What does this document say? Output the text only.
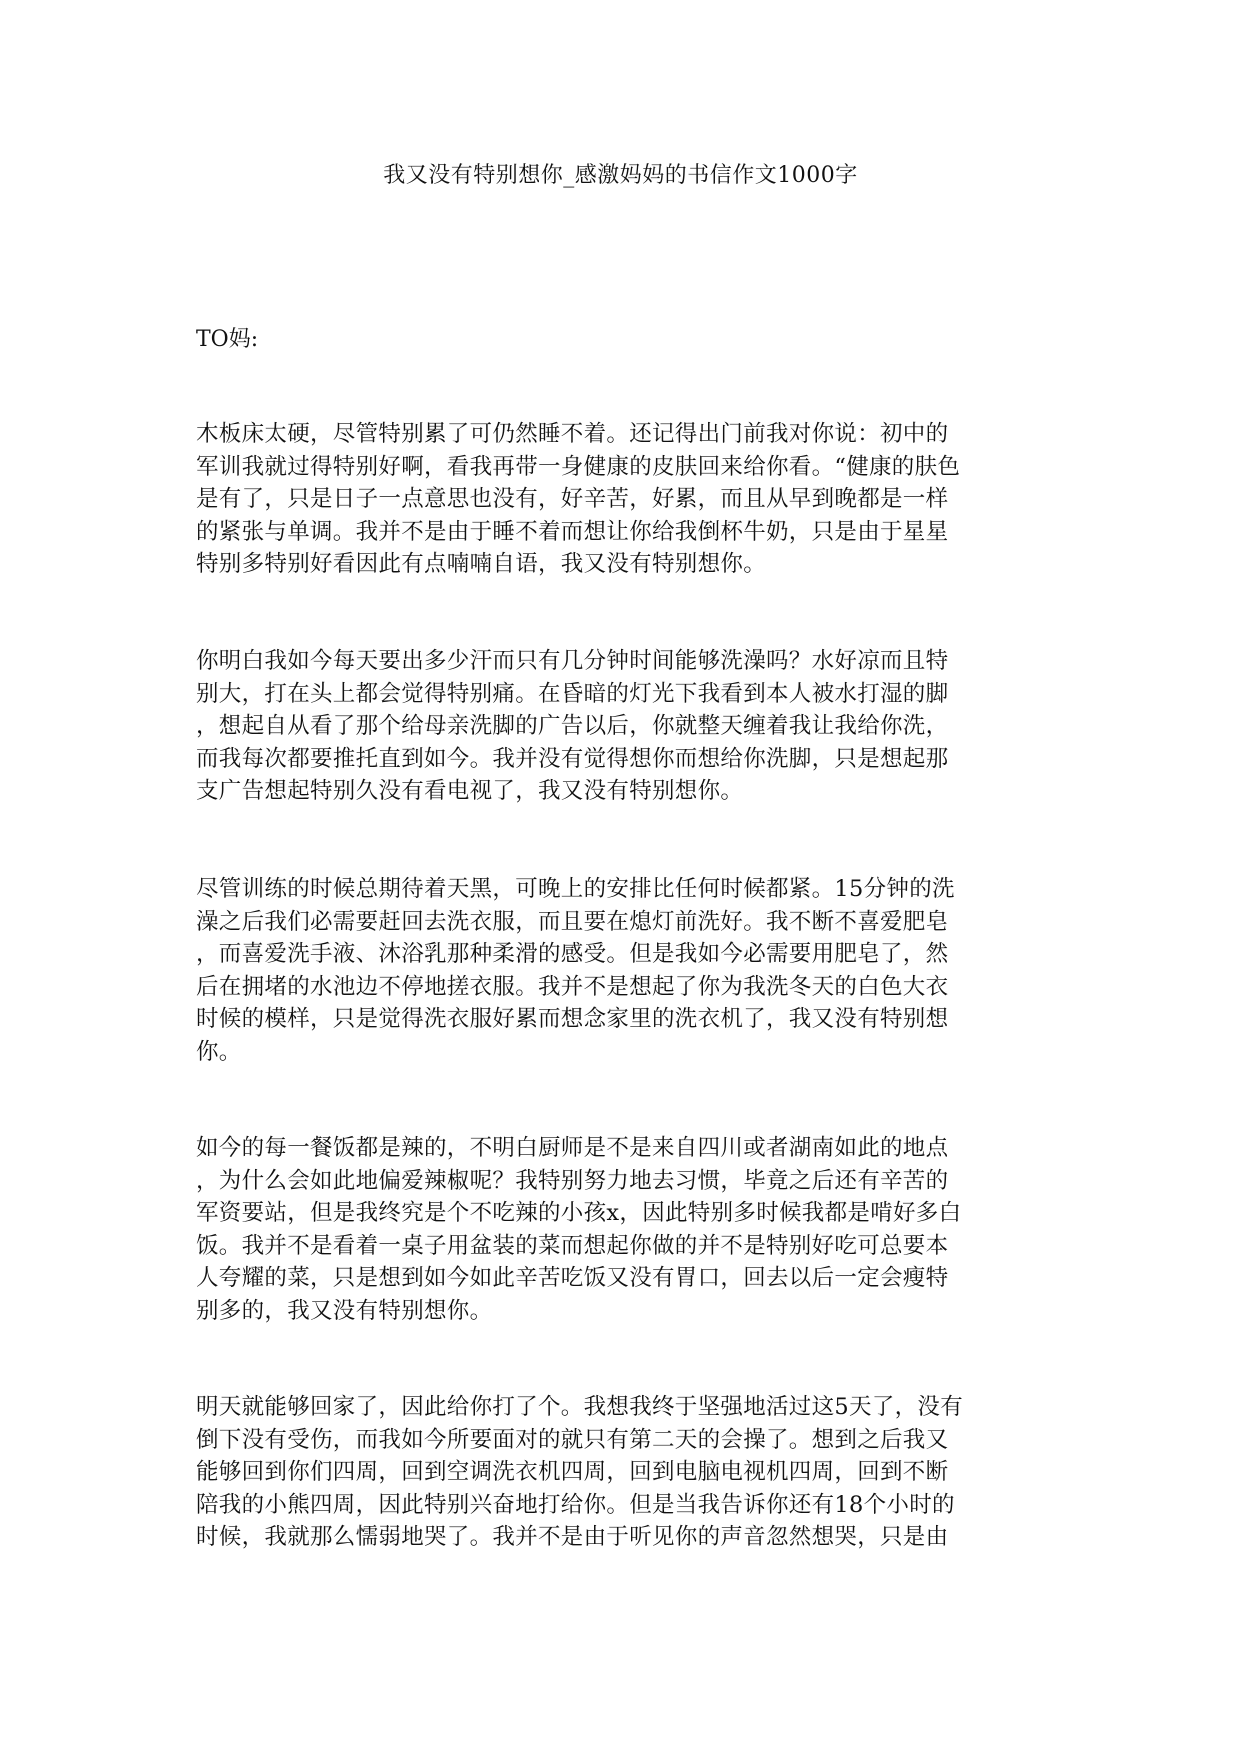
我又没有特别想你_感激妈妈的书信作文1000字

TO妈:

木板床太硬，尽管特别累了可仍然睡不着。还记得出门前我对你说：初中的
军训我就过得特别好啊，看我再带一身健康的皮肤回来给你看。“健康的肤色
是有了，只是日子一点意思也没有，好辛苦，好累，而且从早到晚都是一样
的紧张与单调。我并不是由于睡不着而想让你给我倒杯牛奶，只是由于星星
特别多特别好看因此有点喃喃自语，我又没有特别想你。
你明白我如今每天要出多少汗而只有几分钟时间能够洗澡吗？水好凉而且特
别大，打在头上都会觉得特别痛。在昏暗的灯光下我看到本人被水打湿的脚
，想起自从看了那个给母亲洗脚的广告以后，你就整天缠着我让我给你洗，
而我每次都要推托直到如今。我并没有觉得想你而想给你洗脚，只是想起那
支广告想起特别久没有看电视了，我又没有特别想你。
尽管训练的时候总期待着天黑，可晚上的安排比任何时候都紧。15分钟的洗
澡之后我们必需要赶回去洗衣服，而且要在熄灯前洗好。我不断不喜爱肥皂
，而喜爱洗手液、沐浴乳那种柔滑的感受。但是我如今必需要用肥皂了，然
后在拥堵的水池边不停地搓衣服。我并不是想起了你为我洗冬天的白色大衣
时候的模样，只是觉得洗衣服好累而想念家里的洗衣机了，我又没有特别想
你。
如今的每一餐饭都是辣的，不明白厨师是不是来自四川或者湖南如此的地点
，为什么会如此地偏爱辣椒呢？我特别努力地去习惯，毕竟之后还有辛苦的
军资要站，但是我终究是个不吃辣的小孩x，因此特别多时候我都是啃好多白
饭。我并不是看着一桌子用盆装的菜而想起你做的并不是特别好吃可总要本
人夸耀的菜，只是想到如今如此辛苦吃饭又没有胃口，回去以后一定会瘦特
别多的，我又没有特别想你。
明天就能够回家了，因此给你打了个。我想我终于坚强地活过这5天了，没有
倒下没有受伤，而我如今所要面对的就只有第二天的会操了。想到之后我又
能够回到你们四周，回到空调洗衣机四周，回到电脑电视机四周，回到不断
陪我的小熊四周，因此特别兴奋地打给你。但是当我告诉你还有18个小时的
时候，我就那么懦弱地哭了。我并不是由于听见你的声音忽然想哭，只是由
